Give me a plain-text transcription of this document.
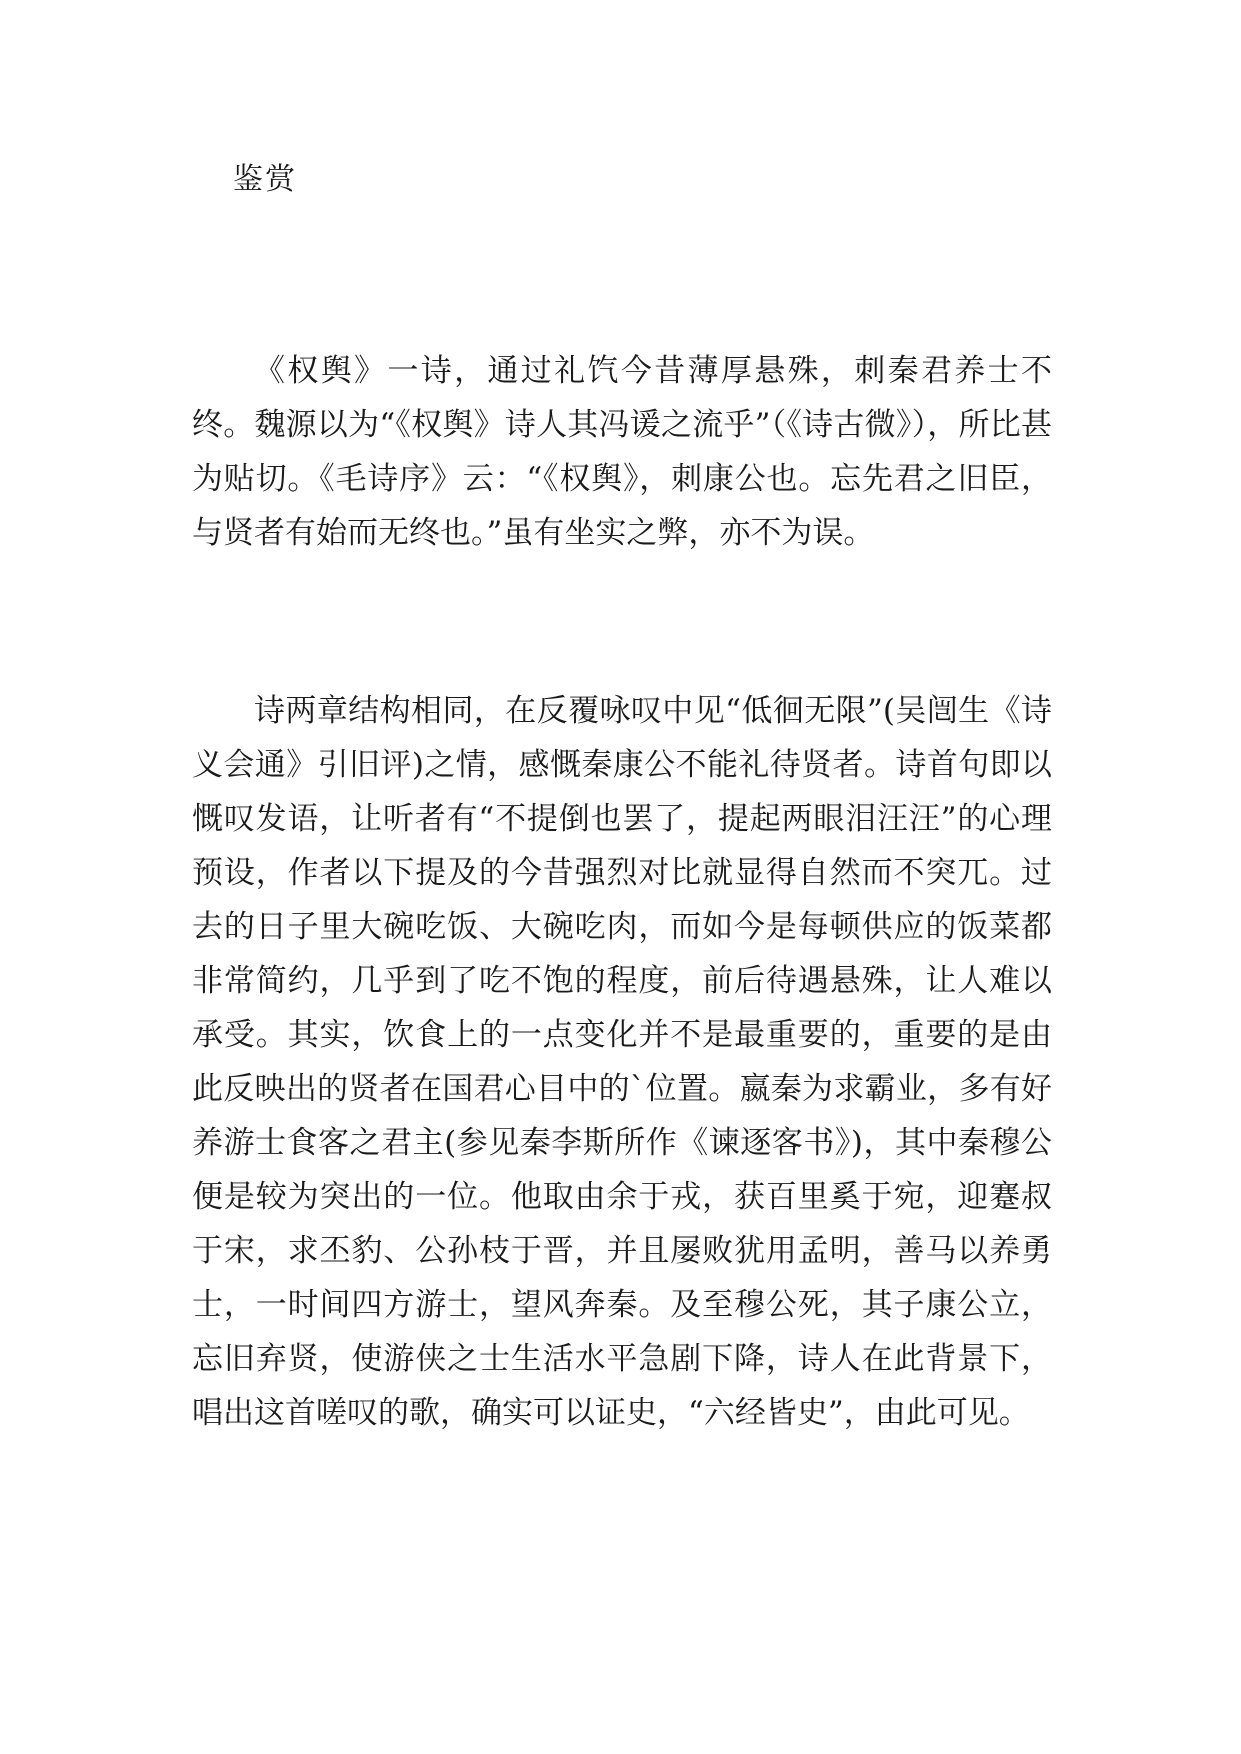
鉴赏

《权舆》一诗，通过礼饩今昔薄厚悬殊，刺秦君养士不终。魏源以为“《权舆》诗人其冯谖之流乎”（《诗古微》），所比甚为贴切。《毛诗序》云：“《权舆》，刺康公也。忘先君之旧臣，与贤者有始而无终也。”虽有坐实之弊，亦不为误。

诗两章结构相同，在反覆咏叹中见“低徊无限”(吴闿生《诗义会通》引旧评)之情，感慨秦康公不能礼待贤者。诗首句即以慨叹发语，让听者有“不提倒也罢了，提起两眼泪汪汪”的心理预设，作者以下提及的今昔强烈对比就显得自然而不突兀。过去的日子里大碗吃饭、大碗吃肉，而如今是每顿供应的饭菜都非常简约，几乎到了吃不饱的程度，前后待遇悬殊，让人难以承受。其实，饮食上的一点变化并不是最重要的，重要的是由此反映出的贤者在国君心目中的`位置。嬴秦为求霸业，多有好养游士食客之君主(参见秦李斯所作《谏逐客书》)，其中秦穆公便是较为突出的一位。他取由余于戎，获百里奚于宛，迎蹇叔于宋，求丕豹、公孙枝于晋，并且屡败犹用孟明，善马以养勇士，一时间四方游士，望风奔秦。及至穆公死，其子康公立，忘旧弃贤，使游侠之士生活水平急剧下降，诗人在此背景下，唱出这首嗟叹的歌，确实可以证史，“六经皆史”，由此可见。
